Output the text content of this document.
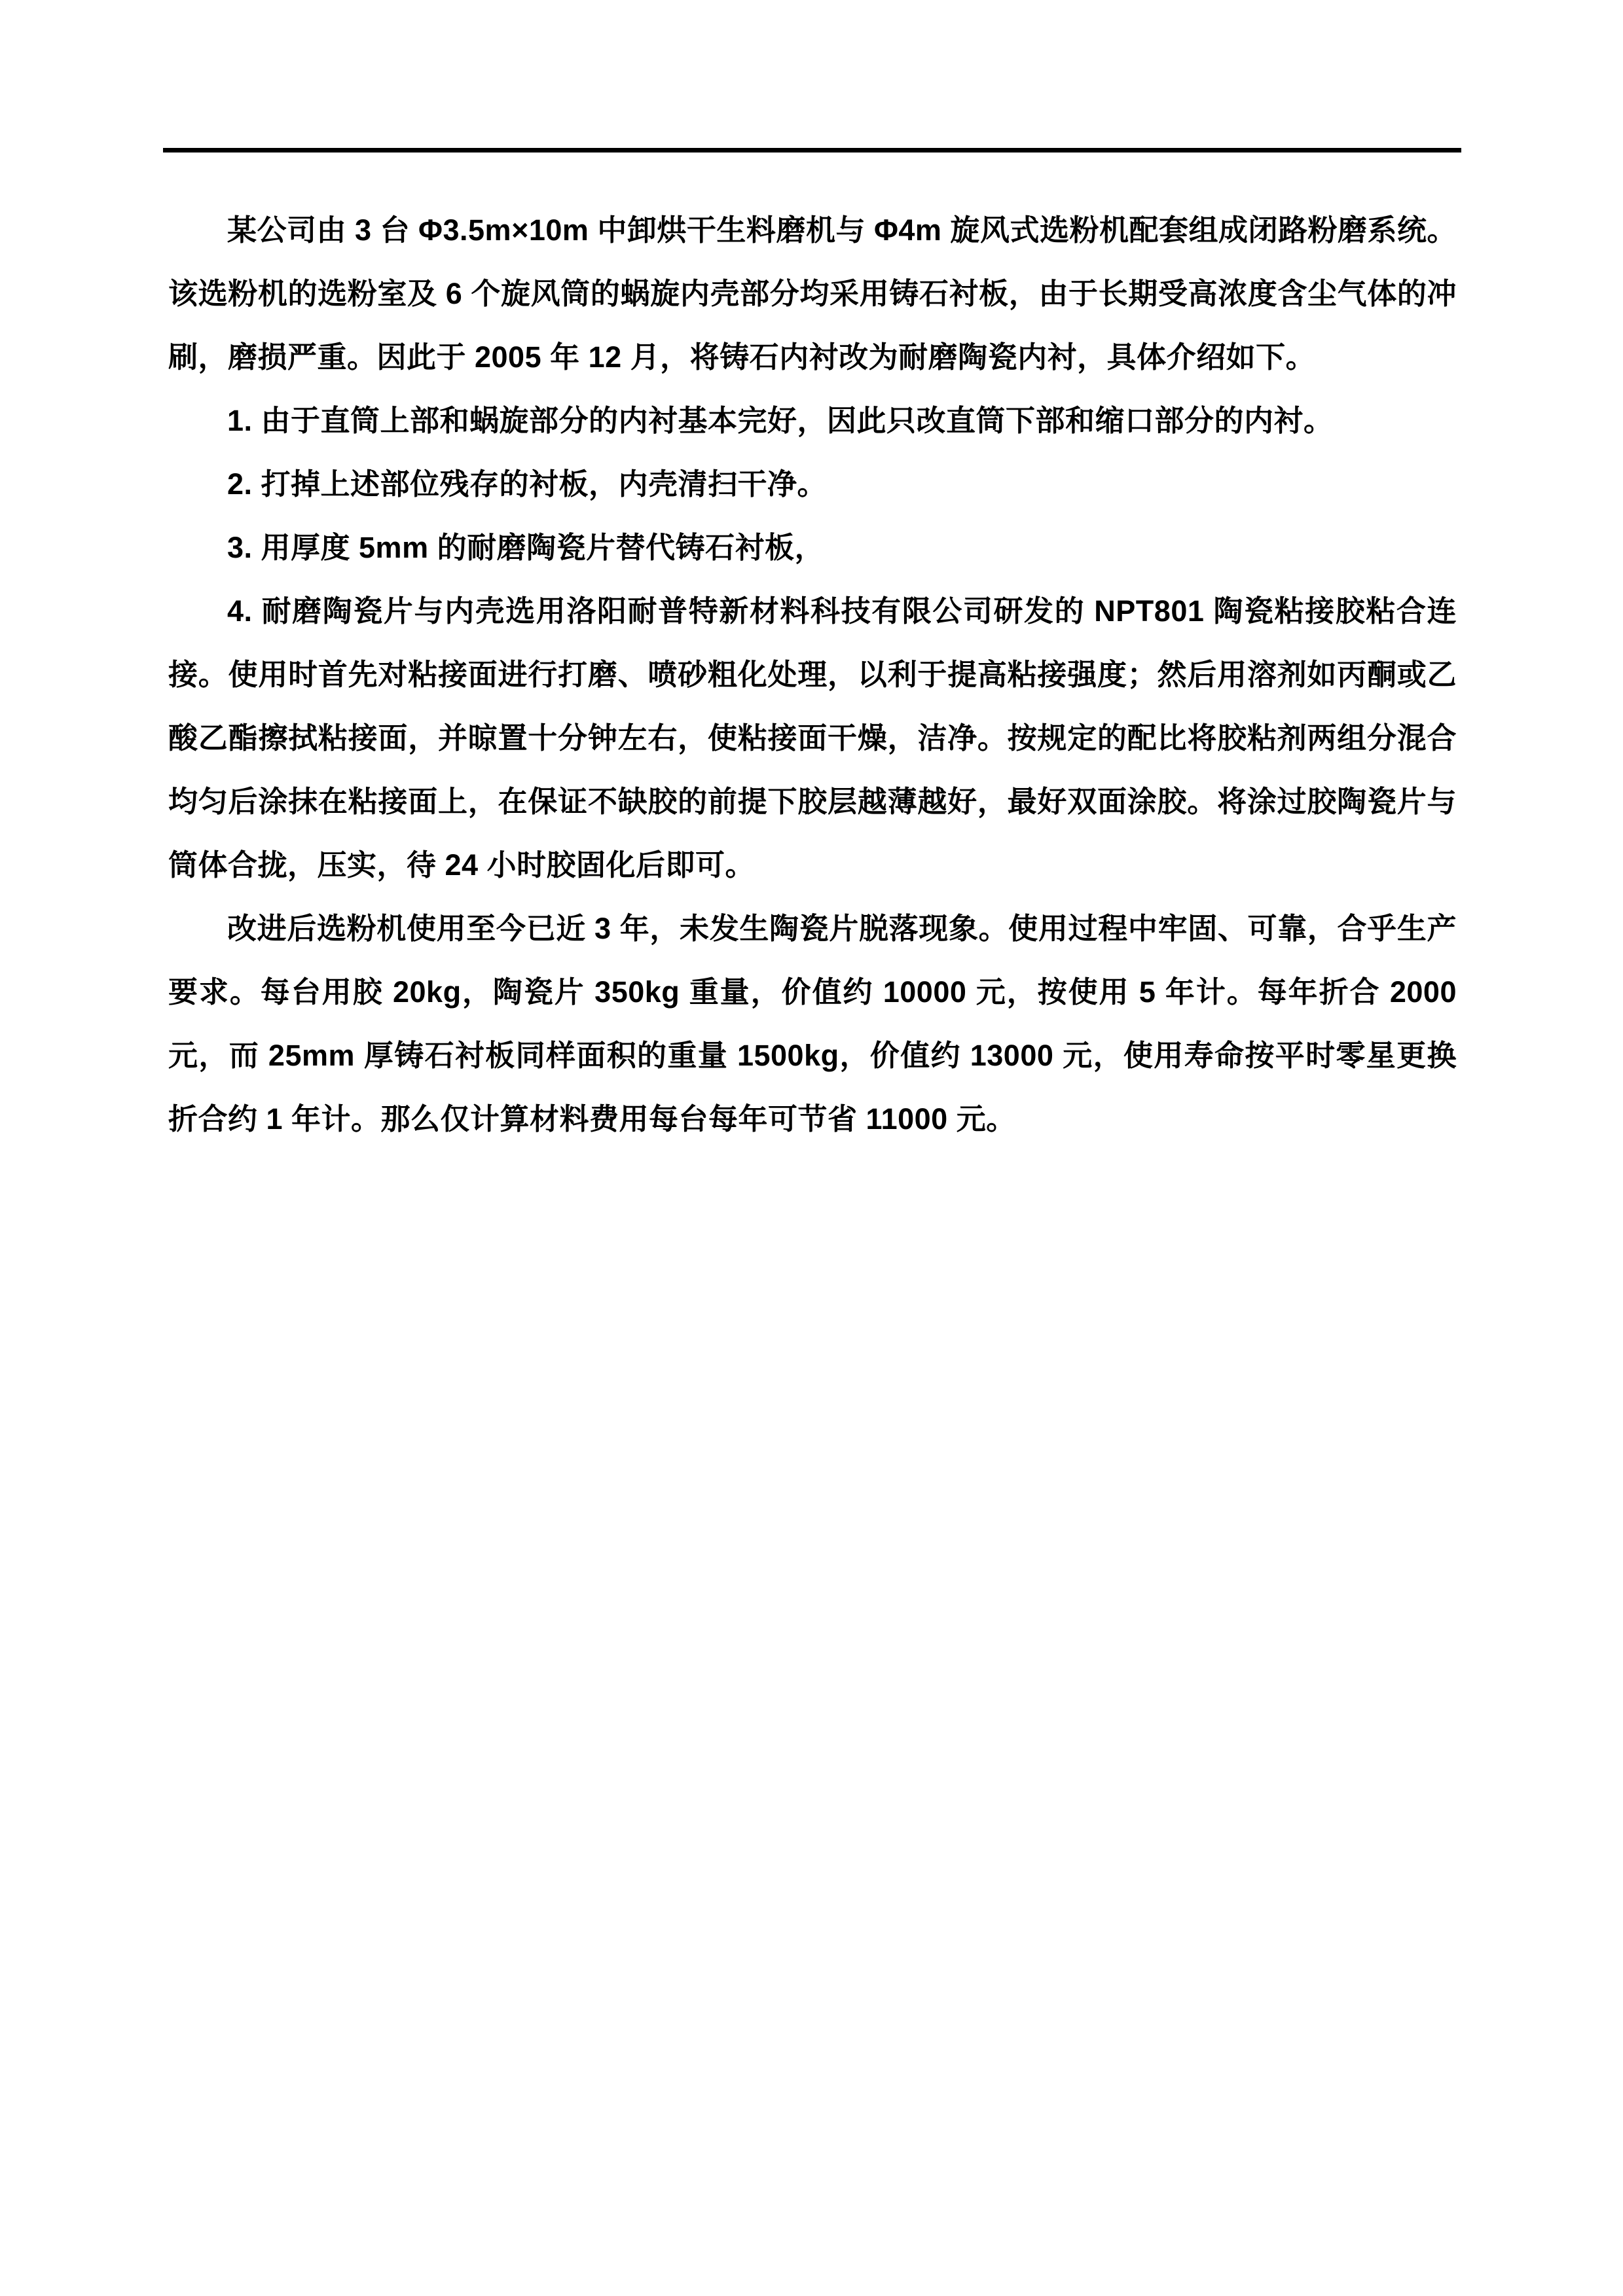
某公司由 3 台 Φ3.5m×10m 中卸烘干生料磨机与 Φ4m 旋风式选粉机配套组成闭路粉磨系统。该选粉机的选粉室及 6 个旋风筒的蜗旋内壳部分均采用铸石衬板，由于长期受高浓度含尘气体的冲刷，磨损严重。因此于 2005 年 12 月，将铸石内衬改为耐磨陶瓷内衬，具体介绍如下。

1. 由于直筒上部和蜗旋部分的内衬基本完好，因此只改直筒下部和缩口部分的内衬。

2. 打掉上述部位残存的衬板，内壳清扫干净。

3. 用厚度 5mm 的耐磨陶瓷片替代铸石衬板，

4. 耐磨陶瓷片与内壳选用洛阳耐普特新材料科技有限公司研发的 NPT801 陶瓷粘接胶粘合连接。使用时首先对粘接面进行打磨、喷砂粗化处理，以利于提高粘接强度；然后用溶剂如丙酮或乙酸乙酯擦拭粘接面，并晾置十分钟左右，使粘接面干燥，洁净。按规定的配比将胶粘剂两组分混合均匀后涂抹在粘接面上，在保证不缺胶的前提下胶层越薄越好，最好双面涂胶。将涂过胶陶瓷片与筒体合拢，压实，待 24 小时胶固化后即可。

改进后选粉机使用至今已近 3 年，未发生陶瓷片脱落现象。使用过程中牢固、可靠，合乎生产要求。每台用胶 20kg，陶瓷片 350kg 重量，价值约 10000 元，按使用 5 年计。每年折合 2000 元，而 25mm 厚铸石衬板同样面积的重量 1500kg，价值约 13000 元，使用寿命按平时零星更换折合约 1 年计。那么仅计算材料费用每台每年可节省 11000 元。
